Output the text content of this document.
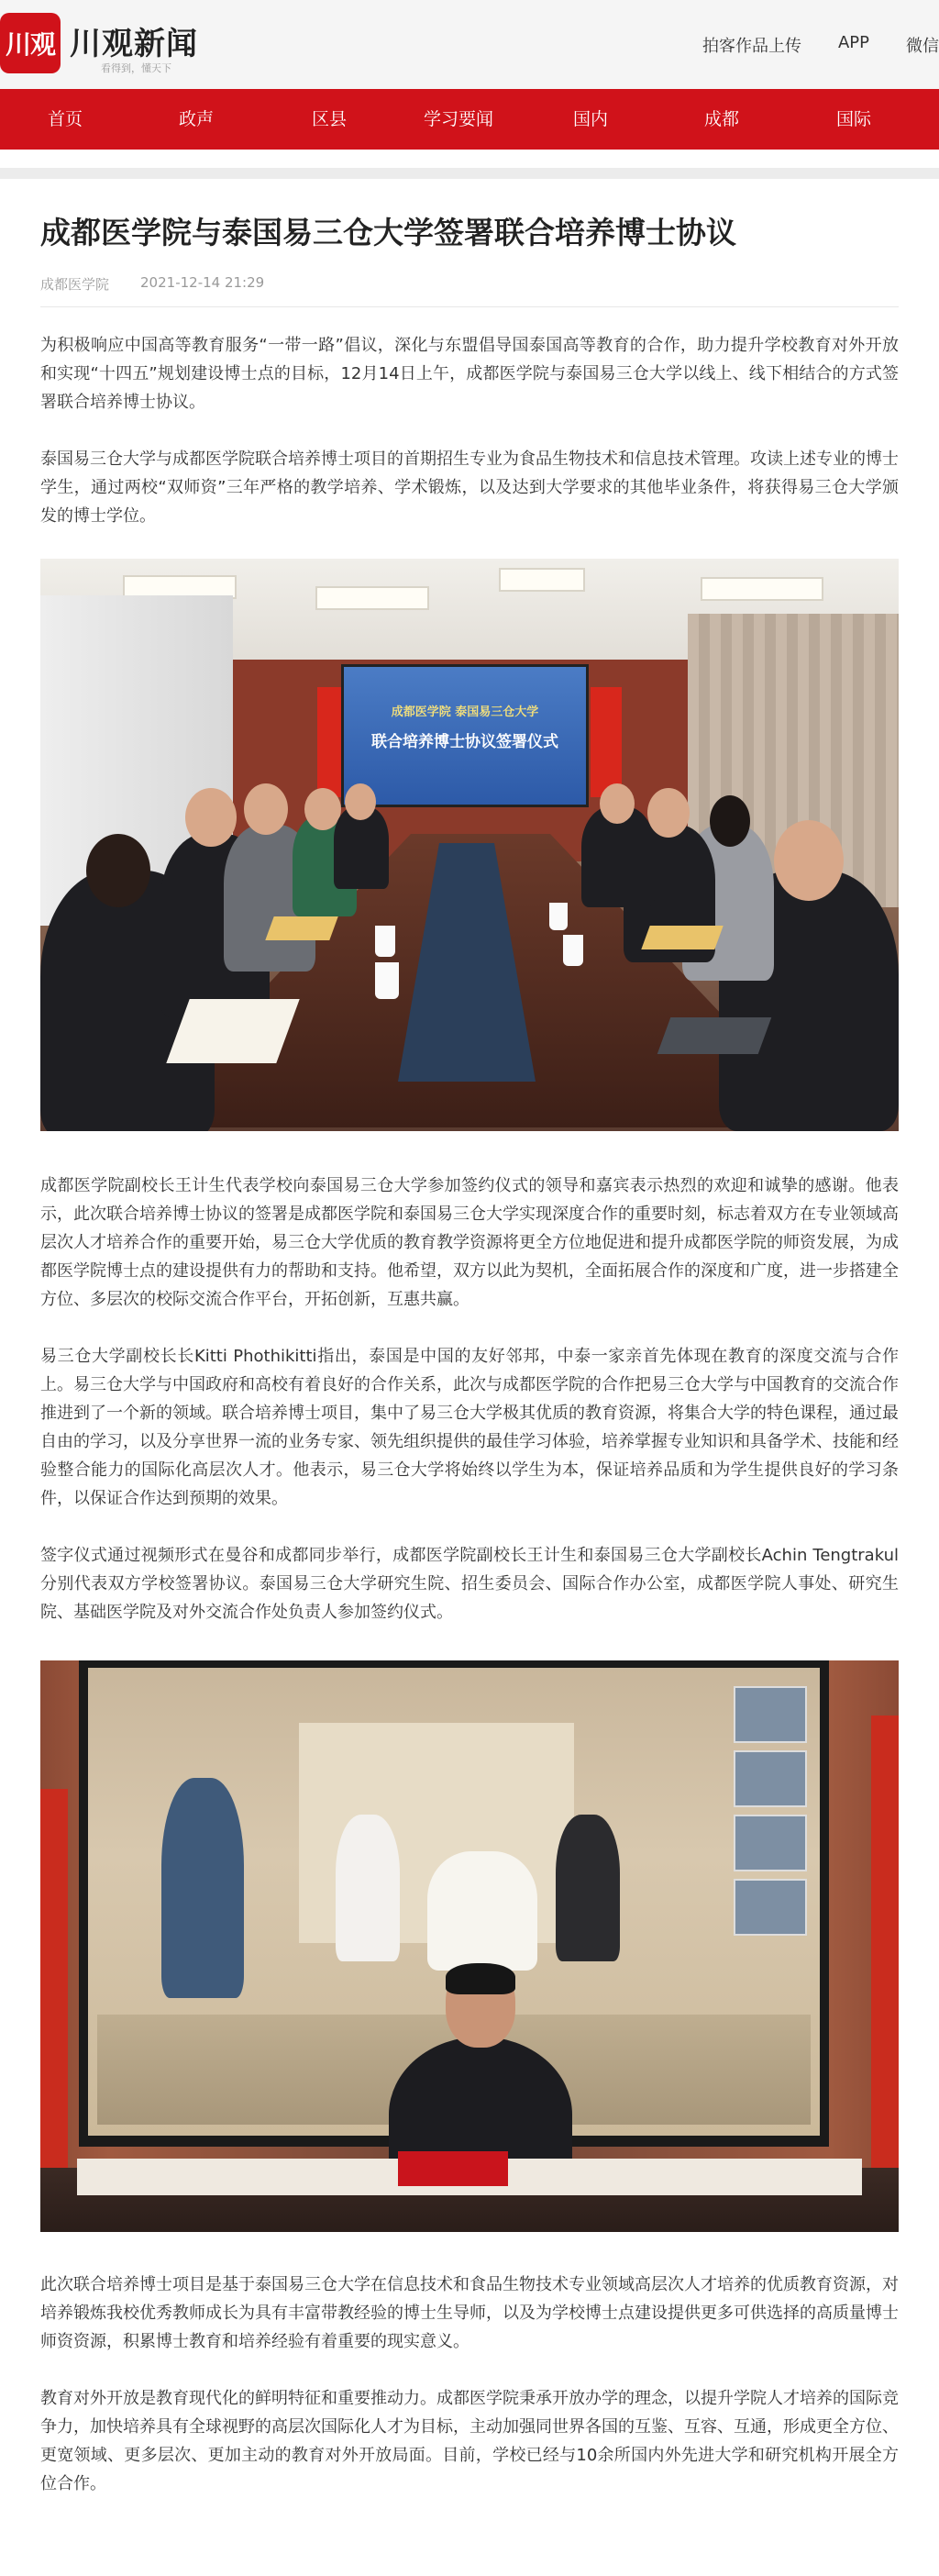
川观 川观新闻
看得到，懂天下
拍客作品上传 APP 微信
首页	政声	区县	学习要闻	国内	成都	国际
成都医学院与泰国易三仓大学签署联合培养博士协议
成都医学院 2021-12-14 21:29

为积极响应中国高等教育服务“一带一路”倡议，深化与东盟倡导国泰国高等教育的合作，助力提升学校教育对外开放和实现“十四五”规划建设博士点的目标，12月14日上午，成都医学院与泰国易三仓大学以线上、线下相结合的方式签署联合培养博士协议。

泰国易三仓大学与成都医学院联合培养博士项目的首期招生专业为食品生物技术和信息技术管理。攻读上述专业的博士学生，通过两校“双师资”三年严格的教学培养、学术锻炼，以及达到大学要求的其他毕业条件，将获得易三仓大学颁发的博士学位。

成都医学院 泰国易三仓大学
联合培养博士协议签署仪式

成都医学院副校长王计生代表学校向泰国易三仓大学参加签约仪式的领导和嘉宾表示热烈的欢迎和诚挚的感谢。他表示，此次联合培养博士协议的签署是成都医学院和泰国易三仓大学实现深度合作的重要时刻，标志着双方在专业领域高层次人才培养合作的重要开始，易三仓大学优质的教育教学资源将更全方位地促进和提升成都医学院的师资发展，为成都医学院博士点的建设提供有力的帮助和支持。他希望，双方以此为契机，全面拓展合作的深度和广度，进一步搭建全方位、多层次的校际交流合作平台，开拓创新，互惠共赢。

易三仓大学副校长长Kitti Phothikitti指出，泰国是中国的友好邻邦，中泰一家亲首先体现在教育的深度交流与合作上。易三仓大学与中国政府和高校有着良好的合作关系，此次与成都医学院的合作把易三仓大学与中国教育的交流合作推进到了一个新的领域。联合培养博士项目，集中了易三仓大学极其优质的教育资源，将集合大学的特色课程，通过最自由的学习，以及分享世界一流的业务专家、领先组织提供的最佳学习体验，培养掌握专业知识和具备学术、技能和经验整合能力的国际化高层次人才。他表示，易三仓大学将始终以学生为本，保证培养品质和为学生提供良好的学习条件，以保证合作达到预期的效果。

签字仪式通过视频形式在曼谷和成都同步举行，成都医学院副校长王计生和泰国易三仓大学副校长Achin Tengtrakul分别代表双方学校签署协议。泰国易三仓大学研究生院、招生委员会、国际合作办公室，成都医学院人事处、研究生院、基础医学院及对外交流合作处负责人参加签约仪式。

此次联合培养博士项目是基于泰国易三仓大学在信息技术和食品生物技术专业领域高层次人才培养的优质教育资源，对培养锻炼我校优秀教师成长为具有丰富带教经验的博士生导师，以及为学校博士点建设提供更多可供选择的高质量博士师资资源，积累博士教育和培养经验有着重要的现实意义。

教育对外开放是教育现代化的鲜明特征和重要推动力。成都医学院秉承开放办学的理念，以提升学院人才培养的国际竞争力，加快培养具有全球视野的高层次国际化人才为目标，主动加强同世界各国的互鉴、互容、互通，形成更全方位、更宽领域、更多层次、更加主动的教育对外开放局面。目前，学校已经与10余所国内外先进大学和研究机构开展全方位合作。
